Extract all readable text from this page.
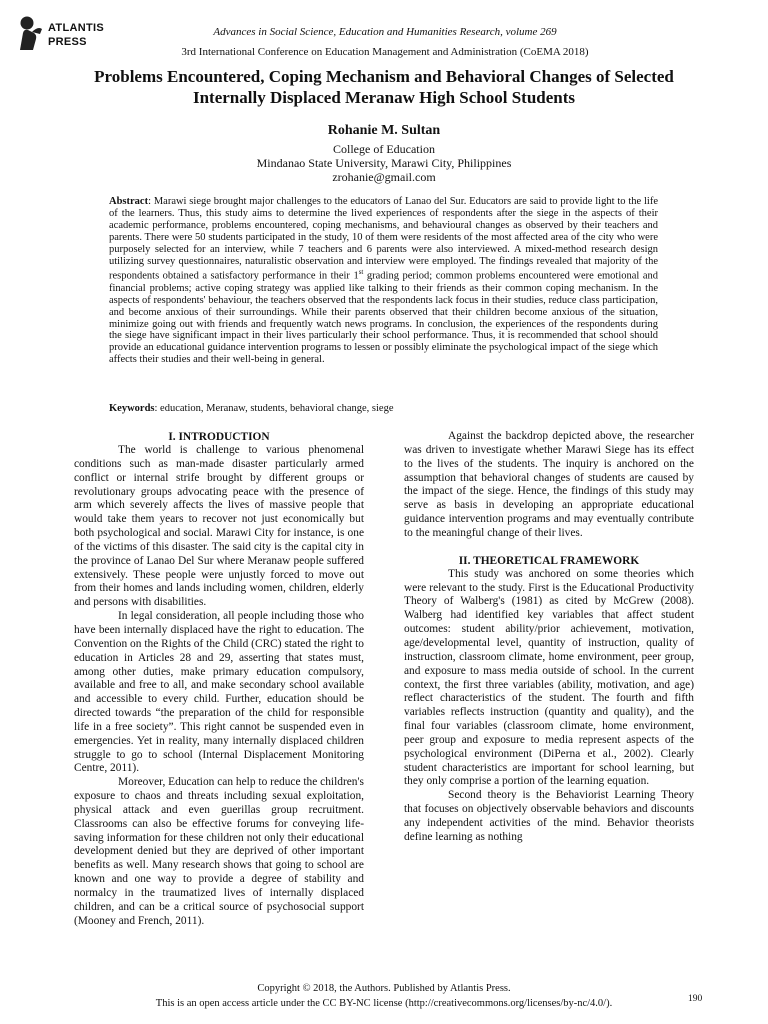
ATLANTIS
PRESS
Advances in Social Science, Education and Humanities Research, volume 269
3rd International Conference on Education Management and Administration (CoEMA 2018)
Problems Encountered, Coping Mechanism and Behavioral Changes of Selected Internally Displaced Meranaw High School Students
Rohanie M. Sultan
College of Education
Mindanao State University, Marawi City, Philippines
zrohanie@gmail.com
Abstract: Marawi siege brought major challenges to the educators of Lanao del Sur. Educators are said to provide light to the life of the learners. Thus, this study aims to determine the lived experiences of respondents after the siege in the aspects of their academic performance, problems encountered, coping mechanisms, and behavioural changes as observed by their teachers and parents. There were 50 students participated in the study, 10 of them were residents of the most affected area of the city who were purposely selected for an interview, while 7 teachers and 6 parents were also interviewed. A mixed-method research design utilizing survey questionnaires, naturalistic observation and interview were employed. The findings revealed that majority of the respondents obtained a satisfactory performance in their 1st grading period; common problems encountered were emotional and financial problems; active coping strategy was applied like talking to their friends as their common coping mechanism. In the aspects of respondents' behaviour, the teachers observed that the respondents lack focus in their studies, reduce class participation, and become anxious of their surroundings. While their parents observed that their children become anxious of the situation, minimize going out with friends and frequently watch news programs. In conclusion, the experiences of the respondents during the siege have significant impact in their lives particularly their school performance. Thus, it is recommended that school should provide an educational guidance intervention programs to lessen or possibly eliminate the psychological impact of the siege which affects their studies and their well-being in general.
Keywords: education, Meranaw, students, behavioral change, siege
I. INTRODUCTION

The world is challenge to various phenomenal conditions such as man-made disaster particularly armed conflict or internal strife brought by different groups or revolutionary groups advocating peace with the presence of arm which severely affects the lives of massive people that would take them years to recover not just economically but both psychological and social. Marawi City for instance, is one of the victims of this disaster. The said city is the capital city in the province of Lanao Del Sur where Meranaw people suffered extensively. These people were unjustly forced to move out from their homes and lands including women, children, elderly and persons with disabilities.

In legal consideration, all people including those who have been internally displaced have the right to education. The Convention on the Rights of the Child (CRC) stated the right to education in Articles 28 and 29, asserting that states must, among other duties, make primary education compulsory, available and free to all, and make secondary school available and accessible to every child. Further, education should be directed towards “the preparation of the child for responsible life in a free society”. This right cannot be suspended even in emergencies. Yet in reality, many internally displaced children struggle to go to school (Internal Displacement Monitoring Centre, 2011).

Moreover, Education can help to reduce the children's exposure to chaos and threats including sexual exploitation, physical attack and even guerillas group recruitment. Classrooms can also be effective forums for conveying life-saving information for these children not only their educational development denied but they are deprived of other important benefits as well. Many research shows that going to school are known and one way to provide a degree of stability and normalcy in the traumatized lives of internally displaced children, and can be a critical source of psychosocial support (Mooney and French, 2011).

Against the backdrop depicted above, the researcher was driven to investigate whether Marawi Siege has its effect to the lives of the students. The inquiry is anchored on the assumption that behavioral changes of students are caused by the impact of the siege. Hence, the findings of this study may serve as basis in developing an appropriate educational guidance intervention programs and may eventually contribute to the meaningful change of their lives.

II. THEORETICAL FRAMEWORK

This study was anchored on some theories which were relevant to the study. First is the Educational Productivity Theory of Walberg's (1981) as cited by McGrew (2008). Walberg had identified key variables that affect student outcomes: student ability/prior achievement, motivation, age/developmental level, quantity of instruction, quality of instruction, classroom climate, home environment, peer group, and exposure to mass media outside of school. In the current context, the first three variables (ability, motivation, and age) reflect characteristics of the student. The fourth and fifth variables reflects instruction (quantity and quality), and the final four variables (classroom climate, home environment, peer group and exposure to media represent aspects of the psychological environment (DiPerna et al., 2002). Clearly student characteristics are important for school learning, but they only comprise a portion of the learning equation.

Second theory is the Behaviorist Learning Theory that focuses on objectively observable behaviors and discounts any independent activities of the mind. Behavior theorists define learning as nothing

Copyright © 2018, the Authors. Published by Atlantis Press.
This is an open access article under the CC BY-NC license (http://creativecommons.org/licenses/by-nc/4.0/).	190
